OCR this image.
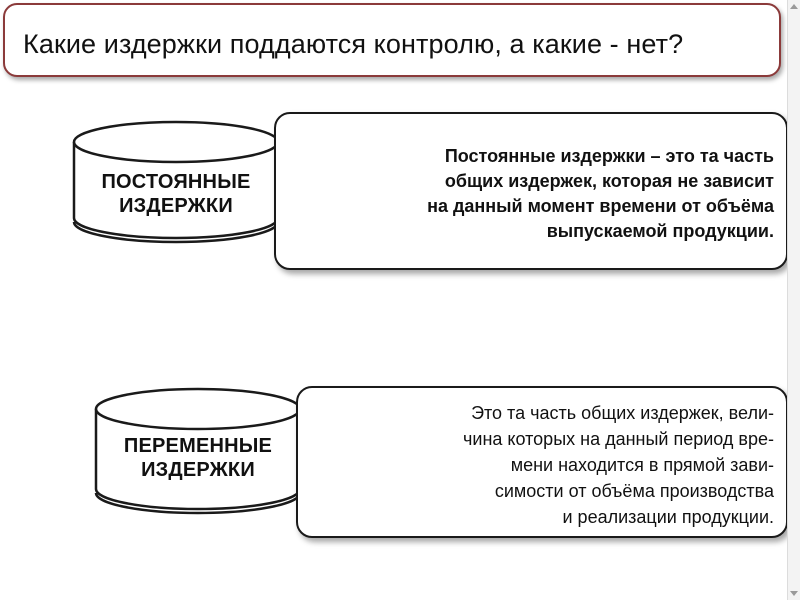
Какие издержки поддаются контролю, а какие - нет?
ПОСТОЯННЫЕ
ИЗДЕРЖКИ
Постоянные издержки – это та часть
общих издержек, которая не зависит
на данный момент времени от объёма
выпускаемой продукции.
ПЕРЕМЕННЫЕ
ИЗДЕРЖКИ
Это та часть общих издержек, вели-
чина которых на данный период вре-
мени находится в прямой зави-
симости от объёма производства
и реализации продукции.
